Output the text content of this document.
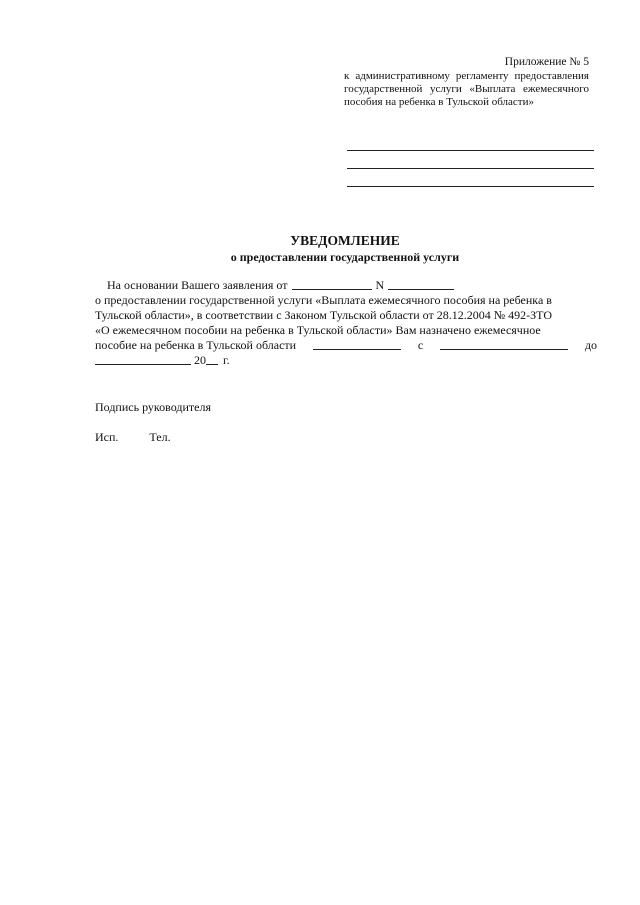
Приложение № 5
к административному регламенту предоставления государственной услуги «Выплата ежемесячного пособия на ребенка в Тульской области»
УВЕДОМЛЕНИЕ
о предоставлении государственной услуги
На основании Вашего заявления от	N
о предоставлении государственной услуги «Выплата ежемесячного пособия на ребенка в
Тульской области», в соответствии с Законом Тульской области от 28.12.2004 № 492-ЗТО
«О ежемесячном пособии на ребенка в Тульской области» Вам назначено ежемесячное
пособие на ребенка в Тульской области	с	до
20 г.
Подпись руководителя
Исп.	Тел.
